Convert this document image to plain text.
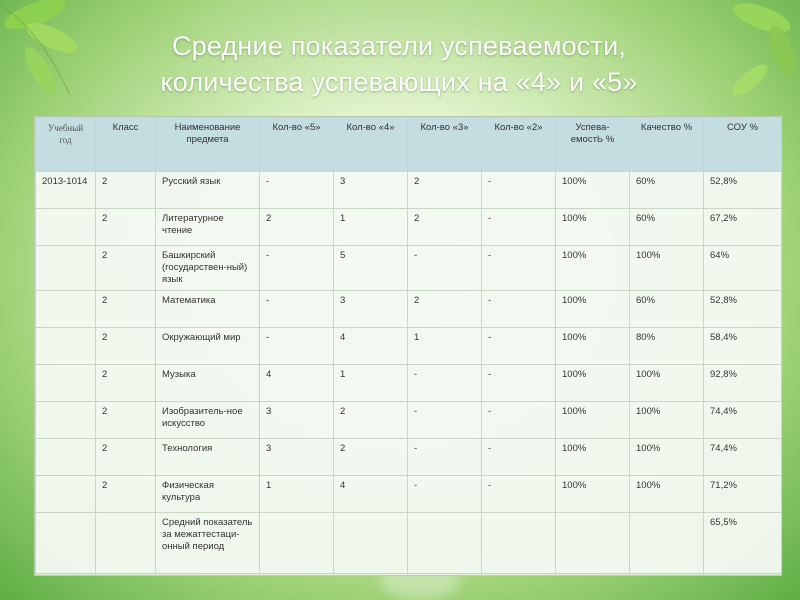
Средние показатели успеваемости,
количества успевающих на «4» и «5»
Учебный год	Класс	Наименование предмета	Кол-во «5»	Кол-во «4»	Кол-во «3»	Кол-во «2»	Успева-емостЬ %	Качество %	СОУ %
2013-1014	2	Русский язык	-	3	2	-	100%	60%	52,8%
	2	Литературное чтение	2	1	2	-	100%	60%	67,2%
	2	Башкирский (государствен-ный) язык	-	5	-	-	100%	100%	64%
	2	Математика	-	3	2	-	100%	60%	52,8%
	2	Окружающий мир	-	4	1	-	100%	80%	58,4%
	2	Музыка	4	1	-	-	100%	100%	92,8%
	2	Изобразитель-ное искусство	3	2	-	-	100%	100%	74,4%
	2	Технология	3	2	-	-	100%	100%	74,4%
	2	Физическая культура	1	4	-	-	100%	100%	71,2%
		Средний показатель за межаттестаци-онный период							65,5%
